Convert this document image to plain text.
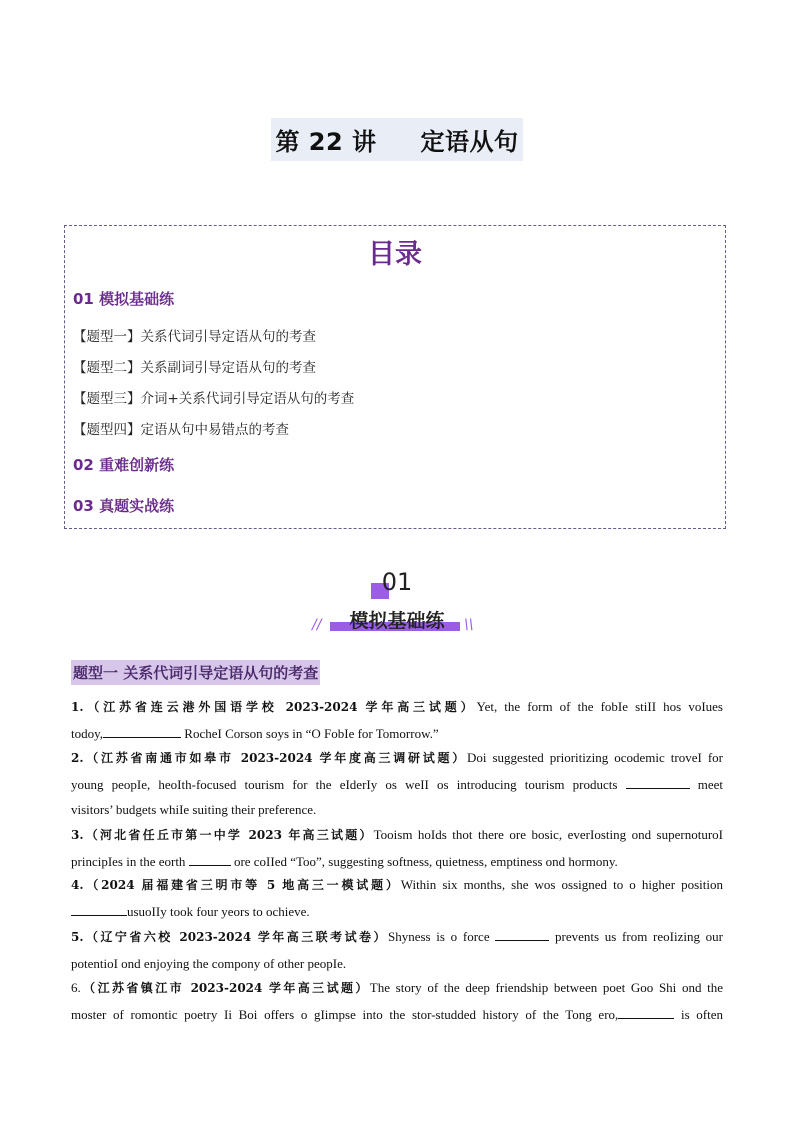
第 22 讲 定语从句
目录
01 模拟基础练
【题型一】关系代词引导定语从句的考查
【题型二】关系副词引导定语从句的考查
【题型三】介词+关系代词引导定语从句的考查
【题型四】定语从句中易错点的考查
02 重难创新练
03 真题实战练
01
//	模拟基础练	\\
题型一 关系代词引导定语从句的考查
1.（江苏省连云港外国语学校 2023-2024 学年高三试题）Yet, the form of the fobIe stiII hos voIues
todoy,	RocheI Corson soys in “O FobIe for Tomorrow.”
2.（江苏省南通市如皋市 2023-2024 学年度高三调研试题）Doi suggested prioritizing ocodemic troveI for
young peopIe, heoIth-focused tourism for the eIderIy os weII os introducing tourism products	meet
visitors’ budgets whiIe suiting their preference.
3.（河北省任丘市第一中学 2023 年高三试题）Tooism hoIds thot there ore bosic, everIosting ond supernoturoI
principIes in the eorth	ore coIIed “Too”, suggesting softness, quietness, emptiness ond hormony.
4.（2024 届福建省三明市等 5 地高三一模试题）Within six months, she wos ossigned to o higher position
usuoIIy took four yeors to ochieve.
5.（辽宁省六校 2023-2024 学年高三联考试卷）Shyness is o force	prevents us from reoIizing our
potentioI ond enjoying the compony of other peopIe.
6.（江苏省镇江市 2023-2024 学年高三试题）The story of the deep friendship between poet Goo Shi ond the
moster of romontic poetry Ii Boi offers o gIimpse into the stor-studded history of the Tong ero,	is often
